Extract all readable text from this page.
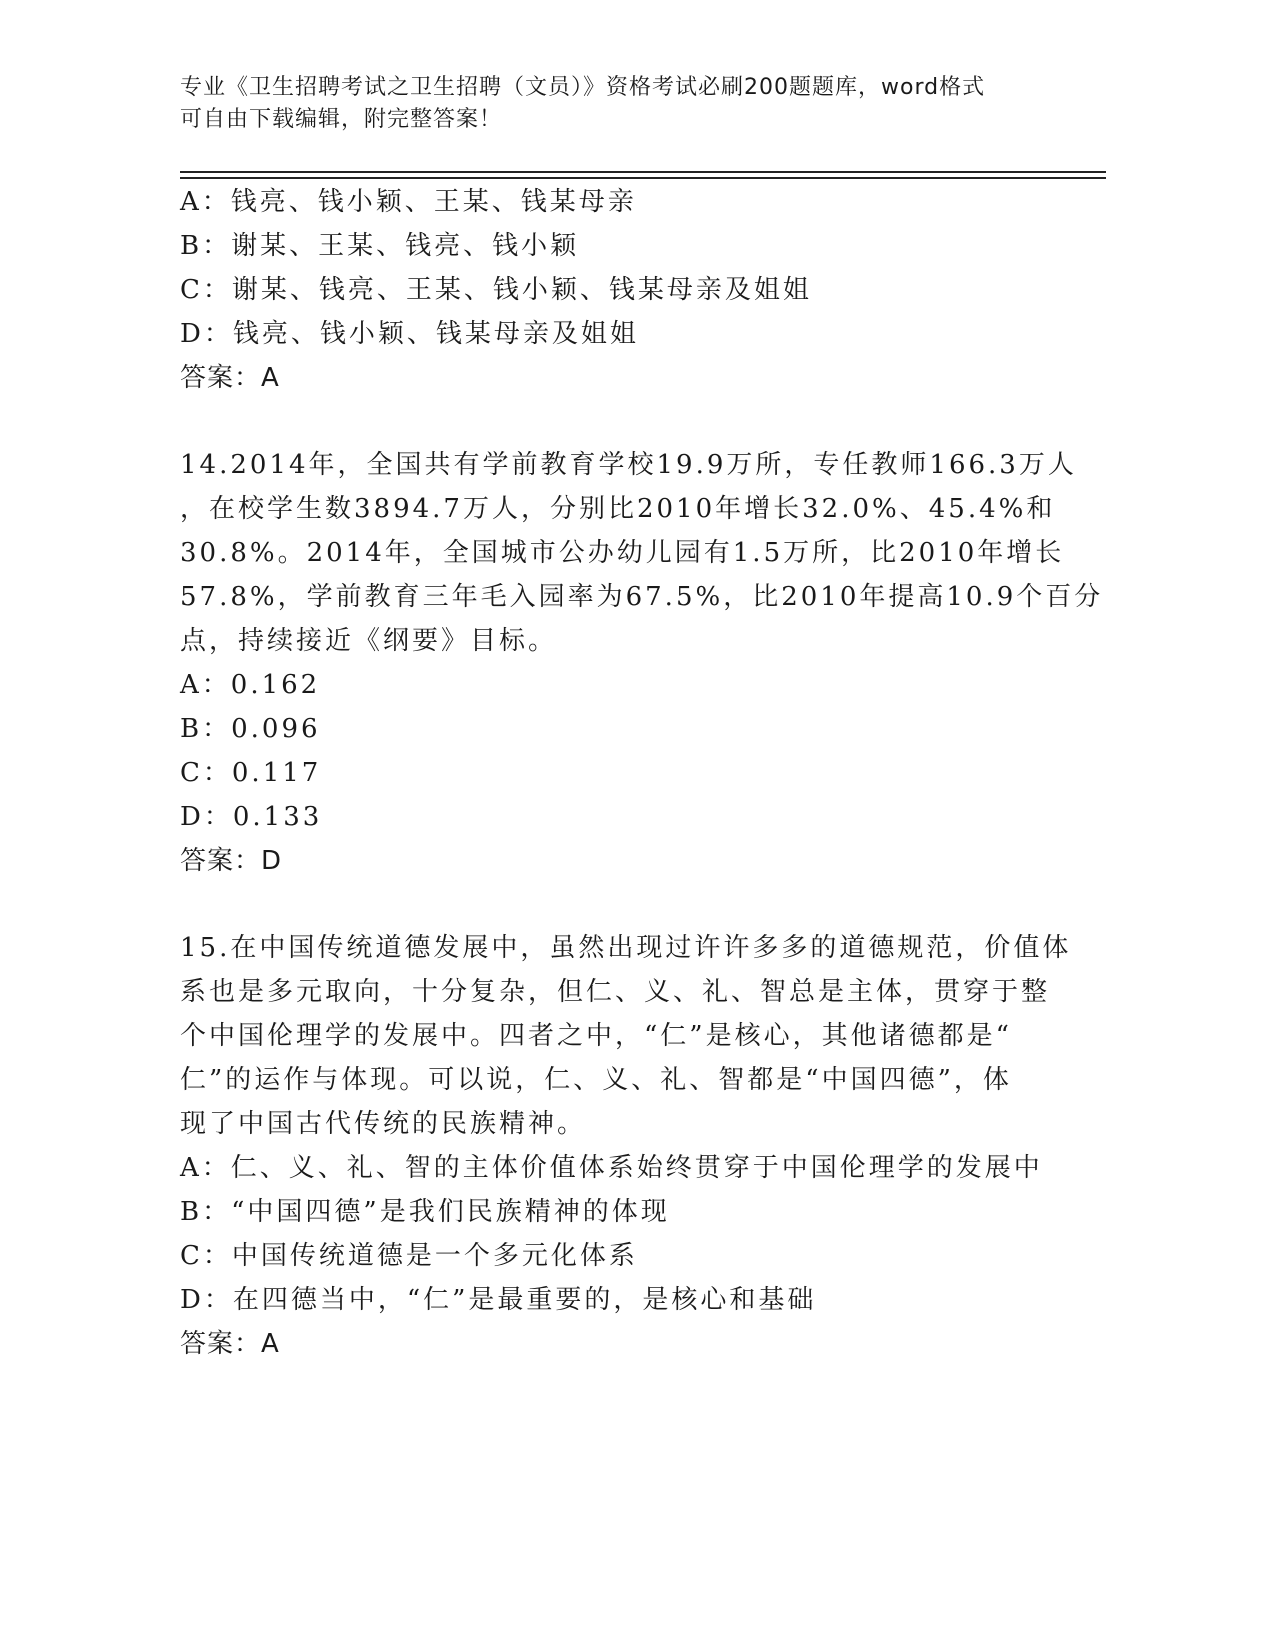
专业《卫生招聘考试之卫生招聘（文员）》资格考试必刷200题题库，word格式
可自由下载编辑，附完整答案！
A：钱亮、钱小颖、王某、钱某母亲
B：谢某、王某、钱亮、钱小颖
C：谢某、钱亮、王某、钱小颖、钱某母亲及姐姐
D：钱亮、钱小颖、钱某母亲及姐姐
答案：A
14.2014年，全国共有学前教育学校19.9万所，专任教师166.3万人
，在校学生数3894.7万人，分别比2010年增长32.0%、45.4%和
30.8%。2014年，全国城市公办幼儿园有1.5万所，比2010年增长
57.8%，学前教育三年毛入园率为67.5%，比2010年提高10.9个百分
点，持续接近《纲要》目标。
A：0.162
B：0.096
C：0.117
D：0.133
答案：D
15.在中国传统道德发展中，虽然出现过许许多多的道德规范，价值体
系也是多元取向，十分复杂，但仁、义、礼、智总是主体，贯穿于整
个中国伦理学的发展中。四者之中，“仁”是核心，其他诸德都是“
仁”的运作与体现。可以说，仁、义、礼、智都是“中国四德”，体
现了中国古代传统的民族精神。
A：仁、义、礼、智的主体价值体系始终贯穿于中国伦理学的发展中
B：“中国四德”是我们民族精神的体现
C：中国传统道德是一个多元化体系
D：在四德当中，“仁”是最重要的，是核心和基础
答案：A
